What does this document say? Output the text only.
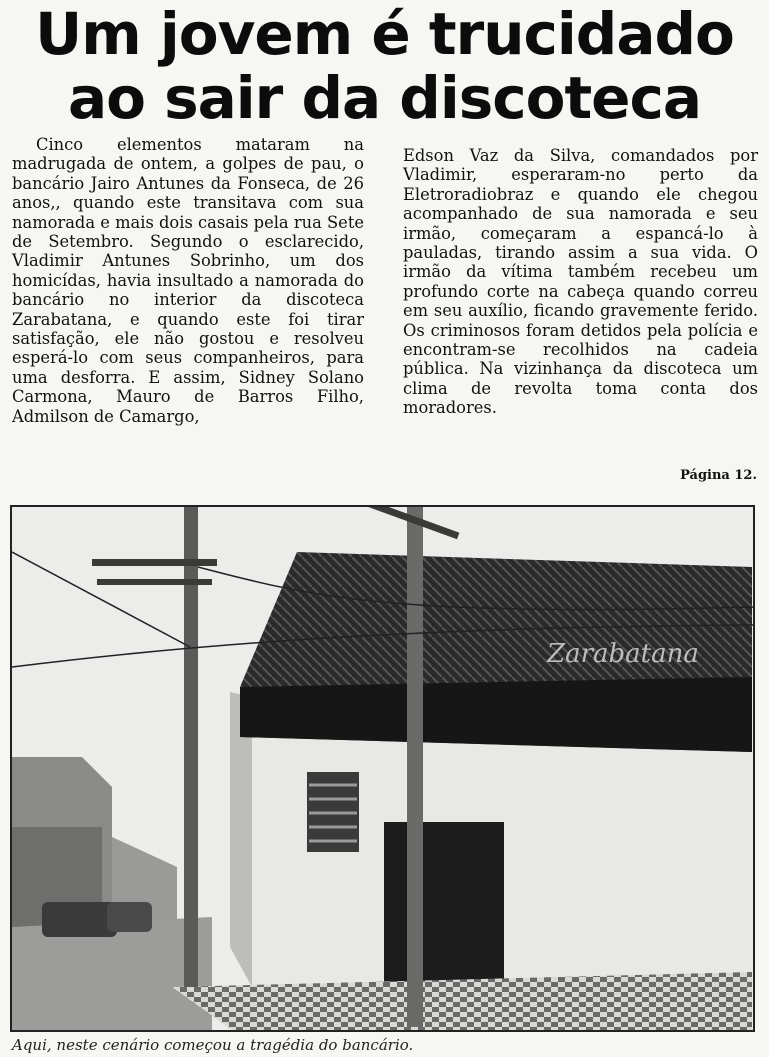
Um jovem é trucidado
ao sair da discoteca
Cinco elementos mataram na madrugada de ontem, a golpes de pau, o bancário Jairo Antunes da Fonseca, de 26 anos,, quando este transitava com sua namorada e mais dois casais pela rua Sete de Setembro. Segundo o esclarecido, Vladimir Antunes Sobrinho, um dos homicídas, havia insultado a namorada do bancário no interior da discoteca Zarabatana, e quando este foi tirar satisfação, ele não gostou e resolveu esperá-lo com seus companheiros, para uma desforra. E assim, Sidney Solano Carmona, Mauro de Barros Filho, Admilson de Camargo,
Edson Vaz da Silva, comandados por Vladimir, esperaram-no perto da Eletroradiobraz e quando ele chegou acompanhado de sua namorada e seu irmão, começaram a espancá-lo à pauladas, tirando assim a sua vida. O irmão da vítima também recebeu um profundo corte na cabeça quando correu em seu auxílio, ficando gravemente ferido. Os criminosos foram detidos pela polícia e encontram-se recolhidos na cadeia pública. Na vizinhança da discoteca um clima de revolta toma conta dos moradores.
Página 12.
Zarabatana
Aqui, neste cenário começou a tragédia do bancário.
